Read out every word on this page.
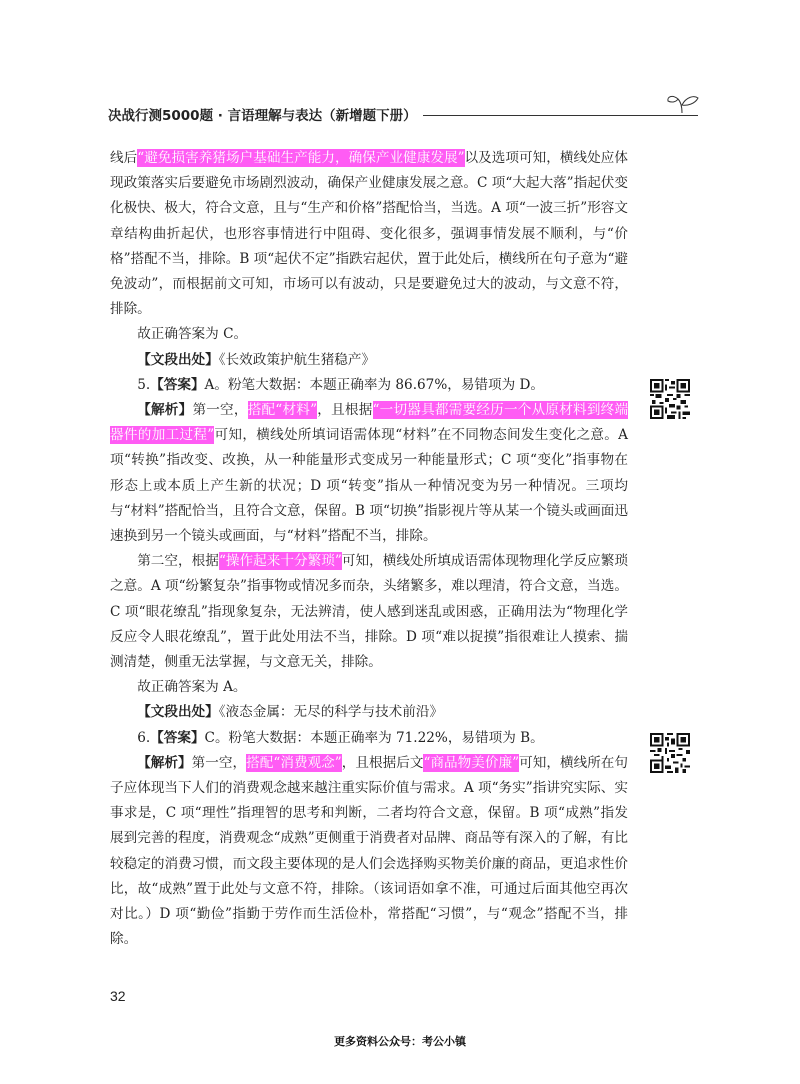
决战行测5000题 · 言语理解与表达（新增题下册）

线后“避免损害养猪场户基础生产能力，确保产业健康发展”以及选项可知，横线处应体现政策落实后要避免市场剧烈波动，确保产业健康发展之意。C 项“大起大落”指起伏变化极快、极大，符合文意，且与“生产和价格”搭配恰当，当选。A 项“一波三折”形容文章结构曲折起伏，也形容事情进行中阻碍、变化很多，强调事情发展不顺利，与“价格”搭配不当，排除。B 项“起伏不定”指跌宕起伏，置于此处后，横线所在句子意为“避免波动”，而根据前文可知，市场可以有波动，只是要避免过大的波动，与文意不符，排除。

故正确答案为 C。

【文段出处】《长效政策护航生猪稳产》

5.【答案】A。粉笔大数据：本题正确率为 86.67%，易错项为 D。

【解析】第一空，搭配“材料”，且根据“一切器具都需要经历一个从原材料到终端器件的加工过程”可知，横线处所填词语需体现“材料”在不同物态间发生变化之意。A 项“转换”指改变、改换，从一种能量形式变成另一种能量形式；C 项“变化”指事物在形态上或本质上产生新的状况；D 项“转变”指从一种情况变为另一种情况。三项均与“材料”搭配恰当，且符合文意，保留。B 项“切换”指影视片等从某一个镜头或画面迅速换到另一个镜头或画面，与“材料”搭配不当，排除。

第二空，根据“操作起来十分繁琐”可知，横线处所填成语需体现物理化学反应繁琐之意。A 项“纷繁复杂”指事物或情况多而杂，头绪繁多，难以理清，符合文意，当选。C 项“眼花缭乱”指现象复杂，无法辨清，使人感到迷乱或困惑，正确用法为“物理化学反应令人眼花缭乱”，置于此处用法不当，排除。D 项“难以捉摸”指很难让人摸索、揣测清楚，侧重无法掌握，与文意无关，排除。

故正确答案为 A。

【文段出处】《液态金属：无尽的科学与技术前沿》

6.【答案】C。粉笔大数据：本题正确率为 71.22%，易错项为 B。

【解析】第一空，搭配“消费观念”，且根据后文“商品物美价廉”可知，横线所在句子应体现当下人们的消费观念越来越注重实际价值与需求。A 项“务实”指讲究实际、实事求是，C 项“理性”指理智的思考和判断，二者均符合文意，保留。B 项“成熟”指发展到完善的程度，消费观念“成熟”更侧重于消费者对品牌、商品等有深入的了解，有比较稳定的消费习惯，而文段主要体现的是人们会选择购买物美价廉的商品，更追求性价比，故“成熟”置于此处与文意不符，排除。（该词语如拿不准，可通过后面其他空再次对比。）D 项“勤俭”指勤于劳作而生活俭朴，常搭配“习惯”，与“观念”搭配不当，排除。

32
更多资料公众号：考公小镇
